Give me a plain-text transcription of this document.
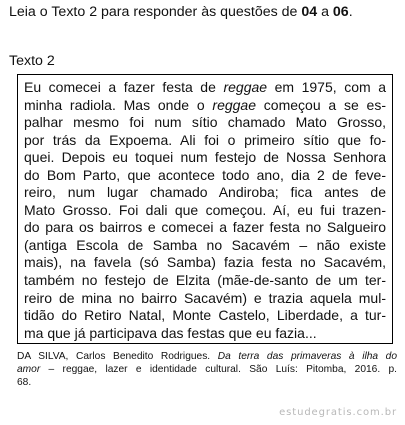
Leia o Texto 2 para responder às questões de 04 a 06.
Texto 2
Eu comecei a fazer festa de reggae em 1975, com a
minha radiola. Mas onde o reggae começou a se es-
palhar mesmo foi num sítio chamado Mato Grosso,
por trás da Expoema. Ali foi o primeiro sítio que fo-
quei. Depois eu toquei num festejo de Nossa Senhora
do Bom Parto, que acontece todo ano, dia 2 de feve-
reiro, num lugar chamado Andiroba; fica antes de
Mato Grosso. Foi dali que começou. Aí, eu fui trazen-
do para os bairros e comecei a fazer festa no Salgueiro
(antiga Escola de Samba no Sacavém – não existe
mais), na favela (só Samba) fazia festa no Sacavém,
também no festejo de Elzita (mãe-de-santo de um ter-
reiro de mina no bairro Sacavém) e trazia aquela mul-
tidão do Retiro Natal, Monte Castelo, Liberdade, a tur-
ma que já participava das festas que eu fazia...
DA SILVA, Carlos Benedito Rodrigues. Da terra das primaveras à ilha do
amor – reggae, lazer e identidade cultural. São Luís: Pitomba, 2016. p.
68.
estudegratis.com.br
